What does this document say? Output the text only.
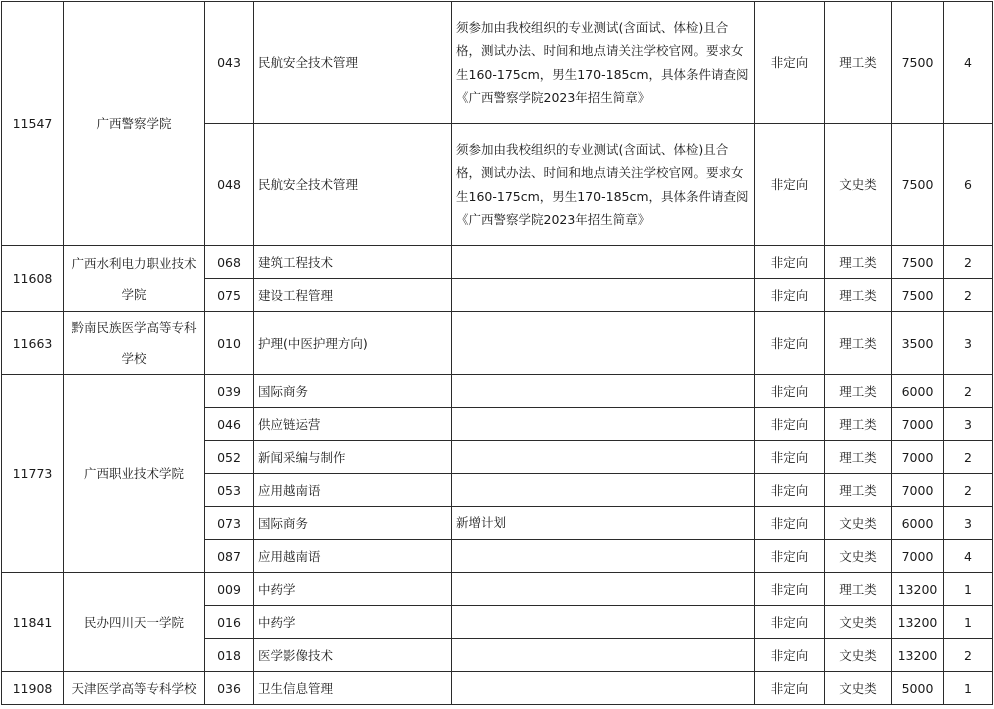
11547	广西警察学院	043	民航安全技术管理	须参加由我校组织的专业测试(含面试、体检)且合格，测试办法、时间和地点请关注学校官网。要求女生160-175cm，男生170-185cm，具体条件请查阅《广西警察学院2023年招生简章》	非定向	理工类	7500	4
		048	民航安全技术管理	须参加由我校组织的专业测试(含面试、体检)且合格，测试办法、时间和地点请关注学校官网。要求女生160-175cm，男生170-185cm，具体条件请查阅《广西警察学院2023年招生简章》	非定向	文史类	7500	6
11608	广西水利电力职业技术学院	068	建筑工程技术		非定向	理工类	7500	2
		075	建设工程管理		非定向	理工类	7500	2
11663	黔南民族医学高等专科学校	010	护理(中医护理方向)		非定向	理工类	3500	3
11773	广西职业技术学院	039	国际商务		非定向	理工类	6000	2
		046	供应链运营		非定向	理工类	7000	3
		052	新闻采编与制作		非定向	理工类	7000	2
		053	应用越南语		非定向	理工类	7000	2
		073	国际商务	新增计划	非定向	文史类	6000	3
		087	应用越南语		非定向	文史类	7000	4
11841	民办四川天一学院	009	中药学		非定向	理工类	13200	1
		016	中药学		非定向	文史类	13200	1
		018	医学影像技术		非定向	文史类	13200	2
11908	天津医学高等专科学校	036	卫生信息管理		非定向	文史类	5000	1
